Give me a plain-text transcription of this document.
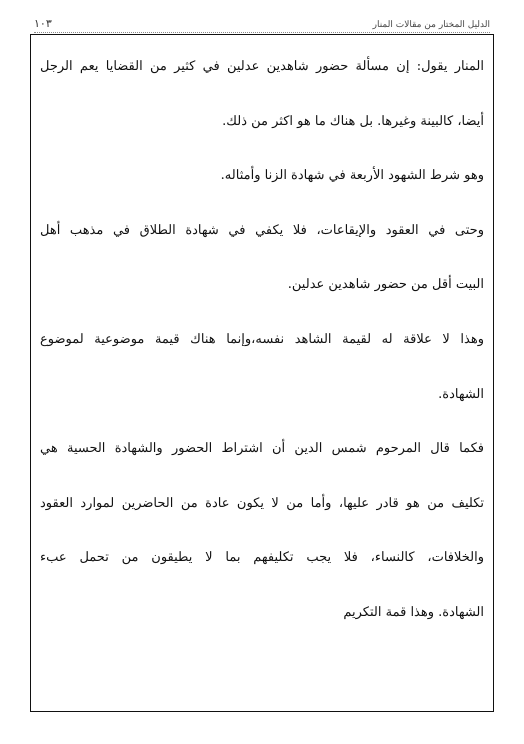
الدليل المختار من مقالات المنار
١٠٣
المنار يقول: إن مسألة حضور شاهدين عدلين في كثير من القضايا يعم الرجل
أيضا، كالبينة وغيرها. بل هناك ما هو اكثر من ذلك.
وهو شرط الشهود الأربعة في شهادة الزنا وأمثاله.
وحتى في العقود والإيقاعات، فلا يكفي في شهادة الطلاق في مذهب أهل
البيت أقل من حضور شاهدين عدلين.
وهذا لا علاقة له لقيمة الشاهد نفسه،وإنما هناك قيمة موضوعية لموضوع
الشهادة.
فكما قال المرحوم شمس الدين أن اشتراط الحضور والشهادة الحسية هي
تكليف من هو قادر عليها، وأما من لا يكون عادة من الحاضرين لموارد العقود
والخلافات، كالنساء، فلا يجب تكليفهم بما لا يطيقون من تحمل عبء
الشهادة. وهذا قمة التكريم
